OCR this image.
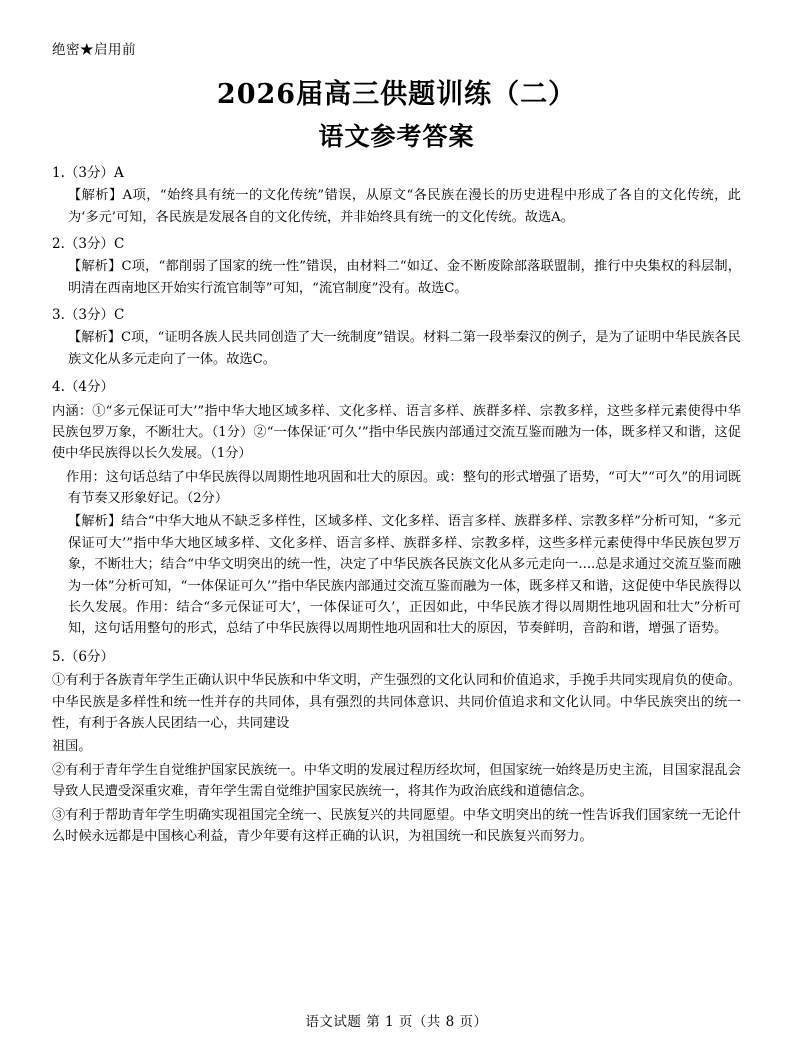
绝密★启用前
2026届高三供题训练（二）
语文参考答案
1.（3分）A
【解析】A项，“始终具有统一的文化传统”错误，从原文“各民族在漫长的历史进程中形成了各自的文化传统，此为‘多元’可知，各民族是发展各自的文化传统，并非始终具有统一的文化传统。故选A。
2.（3分）C
【解析】C项，“都削弱了国家的统一性”错误，由材料二“如辽、金不断废除部落联盟制，推行中央集权的科层制，明清在西南地区开始实行流官制等”可知，“流官制度”没有。故选C。
3.（3分）C
【解析】C项，“证明各族人民共同创造了大一统制度”错误。材料二第一段举秦汉的例子，是为了证明中华民族各民族文化从多元走向了一体。故选C。
4.（4分）
内涵：①“多元保证可大’”指中华大地区域多样、文化多样、语言多样、族群多样、宗教多样，这些多样元素使得中华民族包罗万象，不断壮大。（1分）②“一体保证‘可久’”指中华民族内部通过交流互鉴而融为一体，既多样又和谐，这促使中华民族得以长久发展。（1分）
作用：这句话总结了中华民族得以周期性地巩固和壮大的原因。或：整句的形式增强了语势，“可大”“可久”的用词既有节奏又形象好记。（2分）
【解析】结合“中华大地从不缺乏多样性，区域多样、文化多样、语言多样、族群多样、宗教多样”分析可知，“多元保证可大’”指中华大地区域多样、文化多样、语言多样、族群多样、宗教多样，这些多样元素使得中华民族包罗万象，不断壮大；结合“中华文明突出的统一性，决定了中华民族各民族文化从多元走向一....总是求通过交流互鉴而融为一体”分析可知，“一体保证可久’”指中华民族内部通过交流互鉴而融为一体，既多样又和谐，这促使中华民族得以长久发展。作用：结合“多元保证可大’，一体保证可久’，正因如此，中华民族才得以周期性地巩固和壮大”分析可知，这句话用整句的形式，总结了中华民族得以周期性地巩固和壮大的原因，节奏鲜明，音韵和谐，增强了语势。
5.（6分）
①有利于各族青年学生正确认识中华民族和中华文明，产生强烈的文化认同和价值追求，手挽手共同实现肩负的使命。中华民族是多样性和统一性并存的共同体，具有强烈的共同体意识、共同价值追求和文化认同。中华民族突出的统一性，有利于各族人民团结一心，共同建设
祖国。
②有利于青年学生自觉维护国家民族统一。中华文明的发展过程历经坎坷，但国家统一始终是历史主流，目国家混乱会导致人民遭受深重灾难，青年学生需自觉维护国家民族统一，将其作为政治底线和道德信念。
③有利于帮助青年学生明确实现祖国完全统一、民族复兴的共同愿望。中华文明突出的统一性告诉我们国家统一无论什么时候永远都是中国核心利益，青少年要有这样正确的认识，为祖国统一和民族复兴而努力。
语文试题 第 1 页（共 8 页）
